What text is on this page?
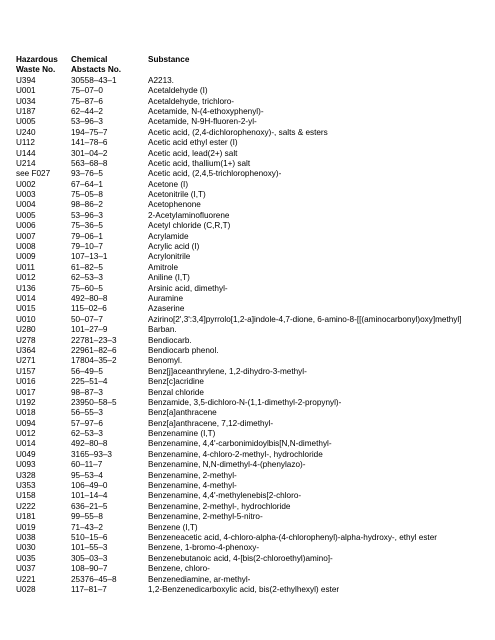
Hazardous	Chemical	Substance
Waste No.	Abstacts No.
U394	30558–43–1	A2213.
U001	75–07–0	Acetaldehyde (I)
U034	75–87–6	Acetaldehyde, trichloro-
U187	62–44–2	Acetamide, N-(4-ethoxyphenyl)-
U005	53–96–3	Acetamide, N-9H-fluoren-2-yl-
U240	194–75–7	Acetic acid, (2,4-dichlorophenoxy)-, salts & esters
U112	141–78–6	Acetic acid ethyl ester (I)
U144	301–04–2	Acetic acid, lead(2+) salt
U214	563–68–8	Acetic acid, thallium(1+) salt
see F027	93–76–5	Acetic acid, (2,4,5-trichlorophenoxy)-
U002	67–64–1	Acetone (I)
U003	75–05–8	Acetonitrile (I,T)
U004	98–86–2	Acetophenone
U005	53–96–3	2-Acetylaminofluorene
U006	75–36–5	Acetyl chloride (C,R,T)
U007	79–06–1	Acrylamide
U008	79–10–7	Acrylic acid (I)
U009	107–13–1	Acrylonitrile
U011	61–82–5	Amitrole
U012	62–53–3	Aniline (I,T)
U136	75–60–5	Arsinic acid, dimethyl-
U014	492–80–8	Auramine
U015	115–02–6	Azaserine
U010	50–07–7	Azirino[2',3':3,4]pyrrolo[1,2-a]indole-4,7-dione, 6-amino-8-[[(aminocarbonyl)oxy]methyl]
U280	101–27–9	Barban.
U278	22781–23–3	Bendiocarb.
U364	22961–82–6	Bendiocarb phenol.
U271	17804–35–2	Benomyl.
U157	56–49–5	Benz[j]aceanthrylene, 1,2-dihydro-3-methyl-
U016	225–51–4	Benz[c]acridine
U017	98–87–3	Benzal chloride
U192	23950–58–5	Benzamide, 3,5-dichloro-N-(1,1-dimethyl-2-propynyl)-
U018	56–55–3	Benz[a]anthracene
U094	57–97–6	Benz[a]anthracene, 7,12-dimethyl-
U012	62–53–3	Benzenamine (I,T)
U014	492–80–8	Benzenamine, 4,4'-carbonimidoylbis[N,N-dimethyl-
U049	3165–93–3	Benzenamine, 4-chloro-2-methyl-, hydrochloride
U093	60–11–7	Benzenamine, N,N-dimethyl-4-(phenylazo)-
U328	95–53–4	Benzenamine, 2-methyl-
U353	106–49–0	Benzenamine, 4-methyl-
U158	101–14–4	Benzenamine, 4,4'-methylenebis[2-chloro-
U222	636–21–5	Benzenamine, 2-methyl-, hydrochloride
U181	99–55–8	Benzenamine, 2-methyl-5-nitro-
U019	71–43–2	Benzene (I,T)
U038	510–15–6	Benzeneacetic acid, 4-chloro-alpha-(4-chlorophenyl)-alpha-hydroxy-, ethyl ester
U030	101–55–3	Benzene, 1-bromo-4-phenoxy-
U035	305–03–3	Benzenebutanoic acid, 4-[bis(2-chloroethyl)amino]-
U037	108–90–7	Benzene, chloro-
U221	25376–45–8	Benzenediamine, ar-methyl-
U028	117–81–7	1,2-Benzenedicarboxylic acid, bis(2-ethylhexyl) ester
